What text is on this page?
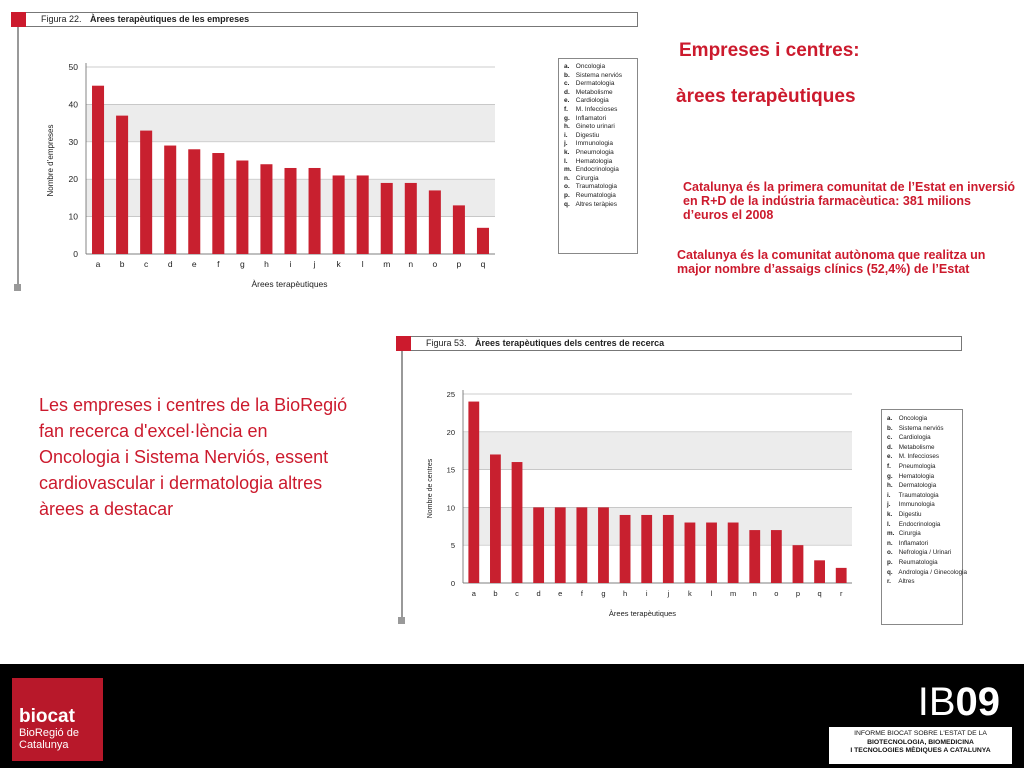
Figura 22. Àrees terapèutiques de les empreses
0
10
20
30
40
50
a b c d e f g h i	j k l m n o p q
Àrees terapèutiques
Nombre d’empreses
a. Oncologia
b. Sistema nerviós
c. Dermatologia
d. Metabolisme
e. Cardiologia
f. M. Infeccioses
g. Inflamatori
h. Gineto urinari
i. Digestiu
j. Immunologia
k. Pneumologia
l. Hematologia
m. Endocrinologia
n. Cirurgia
o. Traumatologia
p. Reumatologia
q. Altres teràpies
Empreses i centres:
àrees terapèutiques
Catalunya és la primera comunitat de l’Estat en inversió en R+D de la indústria farmacèutica: 381 milions d’euros el 2008
Catalunya és la comunitat autònoma que realitza un major nombre d’assaigs clínics (52,4%) de l’Estat
Les empreses i centres de la BioRegió fan recerca d'excel·lència en Oncologia i Sistema Nerviós, essent cardiovascular i dermatologia altres àrees a destacar
Figura 53. Àrees terapèutiques dels centres de recerca
0
5
10
15
20
25
a b c d e f g h i	j	k	l m n o p q r
Àrees terapèutiques
Nombre de centres
a. Oncologia
b. Sistema nerviós
c. Cardiologia
d. Metabolisme
e. M. Infeccioses
f. Pneumologia
g. Hematologia
h. Dermatologia
i. Traumatologia
j. Immunologia
k. Digestiu
l. Endocrinologia
m. Cirurgia
n. Inflamatori
o. Nefrologia / Urinari
p. Reumatologia
q. Andrologia / Ginecologia
r. Altres
biocat
BioRegió de
Catalunya
IB09
INFORME BIOCAT SOBRE L'ESTAT DE LA
BIOTECNOLOGIA, BIOMEDICINA
I TECNOLOGIES MÈDIQUES A CATALUNYA
